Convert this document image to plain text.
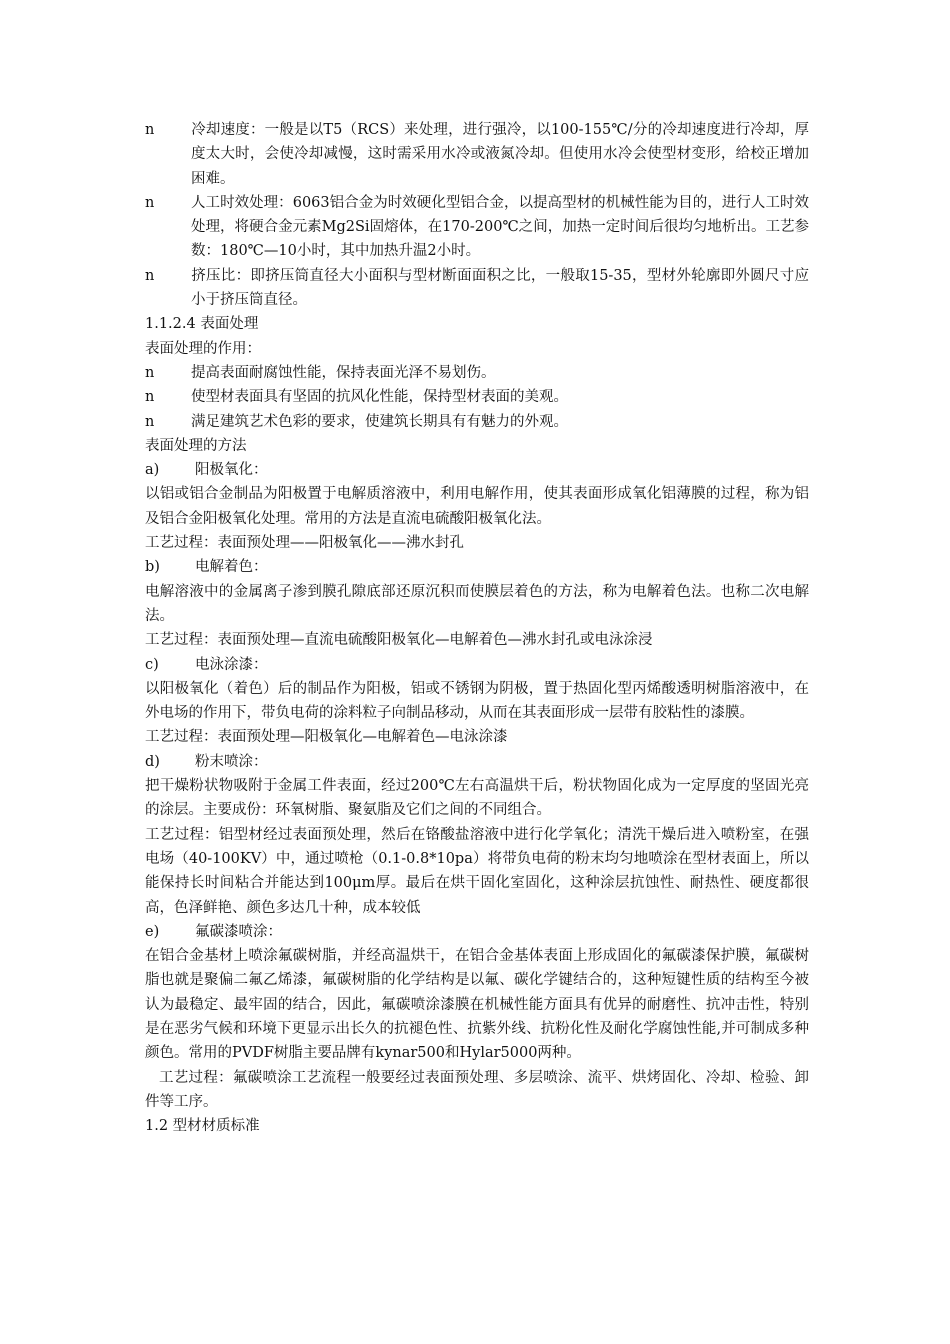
n	冷却速度：一般是以T5（RCS）来处理，进行强冷，以100-155℃/分的冷却速度进行冷却，厚度太大时，会使冷却减慢，这时需采用水冷或液氮冷却。但使用水冷会使型材变形，给校正增加困难。

n	人工时效处理：6063铝合金为时效硬化型铝合金，以提高型材的机械性能为目的，进行人工时效处理，将硬合金元素Mg2Si固熔体，在170-200℃之间，加热一定时间后很均匀地析出。工艺参数：180℃—10小时，其中加热升温2小时。

n	挤压比：即挤压筒直径大小面积与型材断面面积之比，一般取15-35，型材外轮廓即外圆尺寸应小于挤压筒直径。

1.1.2.4 表面处理

表面处理的作用：

n	提高表面耐腐蚀性能，保持表面光泽不易划伤。

n	使型材表面具有坚固的抗风化性能，保持型材表面的美观。

n	满足建筑艺术色彩的要求，使建筑长期具有有魅力的外观。

表面处理的方法

a)	阳极氧化：

以铝或铝合金制品为阳极置于电解质溶液中，利用电解作用，使其表面形成氧化铝薄膜的过程，称为铝及铝合金阳极氧化处理。常用的方法是直流电硫酸阳极氧化法。

工艺过程：表面预处理——阳极氧化——沸水封孔

b)	电解着色：

电解溶液中的金属离子渗到膜孔隙底部还原沉积而使膜层着色的方法，称为电解着色法。也称二次电解法。

工艺过程：表面预处理—直流电硫酸阳极氧化—电解着色—沸水封孔或电泳涂浸

c)	电泳涂漆：

以阳极氧化（着色）后的制品作为阳极，铝或不锈钢为阴极，置于热固化型丙烯酸透明树脂溶液中，在外电场的作用下，带负电荷的涂料粒子向制品移动，从而在其表面形成一层带有胶粘性的漆膜。

工艺过程：表面预处理—阳极氧化—电解着色—电泳涂漆

d)	粉末喷涂：

把干燥粉状物吸附于金属工件表面，经过200℃左右高温烘干后，粉状物固化成为一定厚度的坚固光亮的涂层。主要成份：环氧树脂、聚氨脂及它们之间的不同组合。

工艺过程：铝型材经过表面预处理，然后在铬酸盐溶液中进行化学氧化；清洗干燥后进入喷粉室，在强电场（40-100KV）中，通过喷枪（0.1-0.8*10pa）将带负电荷的粉末均匀地喷涂在型材表面上，所以能保持长时间粘合并能达到100μm厚。最后在烘干固化室固化，这种涂层抗蚀性、耐热性、硬度都很高，色泽鲜艳、颜色多达几十种，成本较低

e)	氟碳漆喷涂：

在铝合金基材上喷涂氟碳树脂，并经高温烘干，在铝合金基体表面上形成固化的氟碳漆保护膜，氟碳树脂也就是聚偏二氟乙烯漆，氟碳树脂的化学结构是以氟、碳化学键结合的，这种短键性质的结构至今被认为最稳定、最牢固的结合，因此，氟碳喷涂漆膜在机械性能方面具有优异的耐磨性、抗冲击性，特别是在恶劣气候和环境下更显示出长久的抗褪色性、抗紫外线、抗粉化性及耐化学腐蚀性能,并可制成多种颜色。常用的PVDF树脂主要品牌有kynar500和Hylar5000两种。

工艺过程：氟碳喷涂工艺流程一般要经过表面预处理、多层喷涂、流平、烘烤固化、冷却、检验、卸件等工序。

1.2 型材材质标准
